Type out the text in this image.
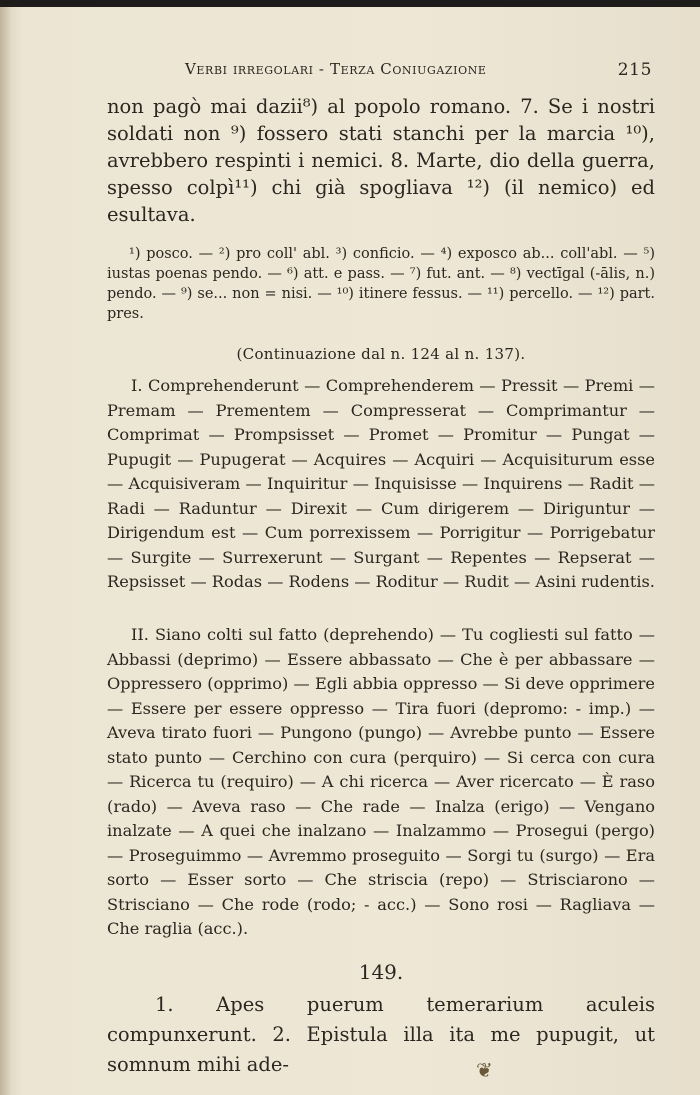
Verbi irregolari - Terza Coniugazione	215

non pagò mai dazii⁸) al popolo romano. 7. Se i nostri soldati non ⁹) fossero stati stanchi per la marcia ¹⁰), avrebbero respinti i nemici. 8. Marte, dio della guerra, spesso colpì¹¹) chi già spogliava ¹²) (il nemico) ed esultava.

¹) posco. — ²) pro coll' abl. ³) conficio. — ⁴) exposco ab... coll'abl. — ⁵) iustas poenas pendo. — ⁶) att. e pass. — ⁷) fut. ant. — ⁸) vectīgal (-ālis, n.) pendo. — ⁹) se... non = nisi. — ¹⁰) itinere fessus. — ¹¹) percello. — ¹²) part. pres.

(Continuazione dal n. 124 al n. 137).

I. Comprehenderunt — Comprehenderem — Pressit — Premi — Premam — Prementem — Compresserat — Comprimantur — Comprimat — Prompsisset — Promet — Promitur — Pungat — Pupugit — Pupugerat — Acquires — Acquiri — Acquisiturum esse — Acquisiveram — Inquiritur — Inquisisse — Inquirens — Radit — Radi — Raduntur — Direxit — Cum dirigerem — Diriguntur — Dirigendum est — Cum porrexissem — Porrigitur — Porrigebatur — Surgite — Surrexerunt — Surgant — Repentes — Repserat — Repsisset — Rodas — Rodens — Roditur — Rudit — Asini rudentis.

II. Siano colti sul fatto (deprehendo) — Tu cogliesti sul fatto — Abbassi (deprimo) — Essere abbassato — Che è per abbassare — Oppressero (opprimo) — Egli abbia oppresso — Si deve opprimere — Essere per essere oppresso — Tira fuori (depromo: - imp.) — Aveva tirato fuori — Pungono (pungo) — Avrebbe punto — Essere stato punto — Cerchino con cura (perquiro) — Si cerca con cura — Ricerca tu (requiro) — A chi ricerca — Aver ricercato — È raso (rado) — Aveva raso — Che rade — Inalza (erigo) — Vengano inalzate — A quei che inalzano — Inalzammo — Prosegui (pergo) — Proseguimmo — Avremmo proseguito — Sorgi tu (surgo) — Era sorto — Esser sorto — Che striscia (repo) — Strisciarono — Strisciano — Che rode (rodo; - acc.) — Sono rosi — Ragliava — Che raglia (acc.).

149.

1. Apes puerum temerarium aculeis compunxerunt. 2. Epistula illa ita me pupugit, ut somnum mihi ade-	❦
